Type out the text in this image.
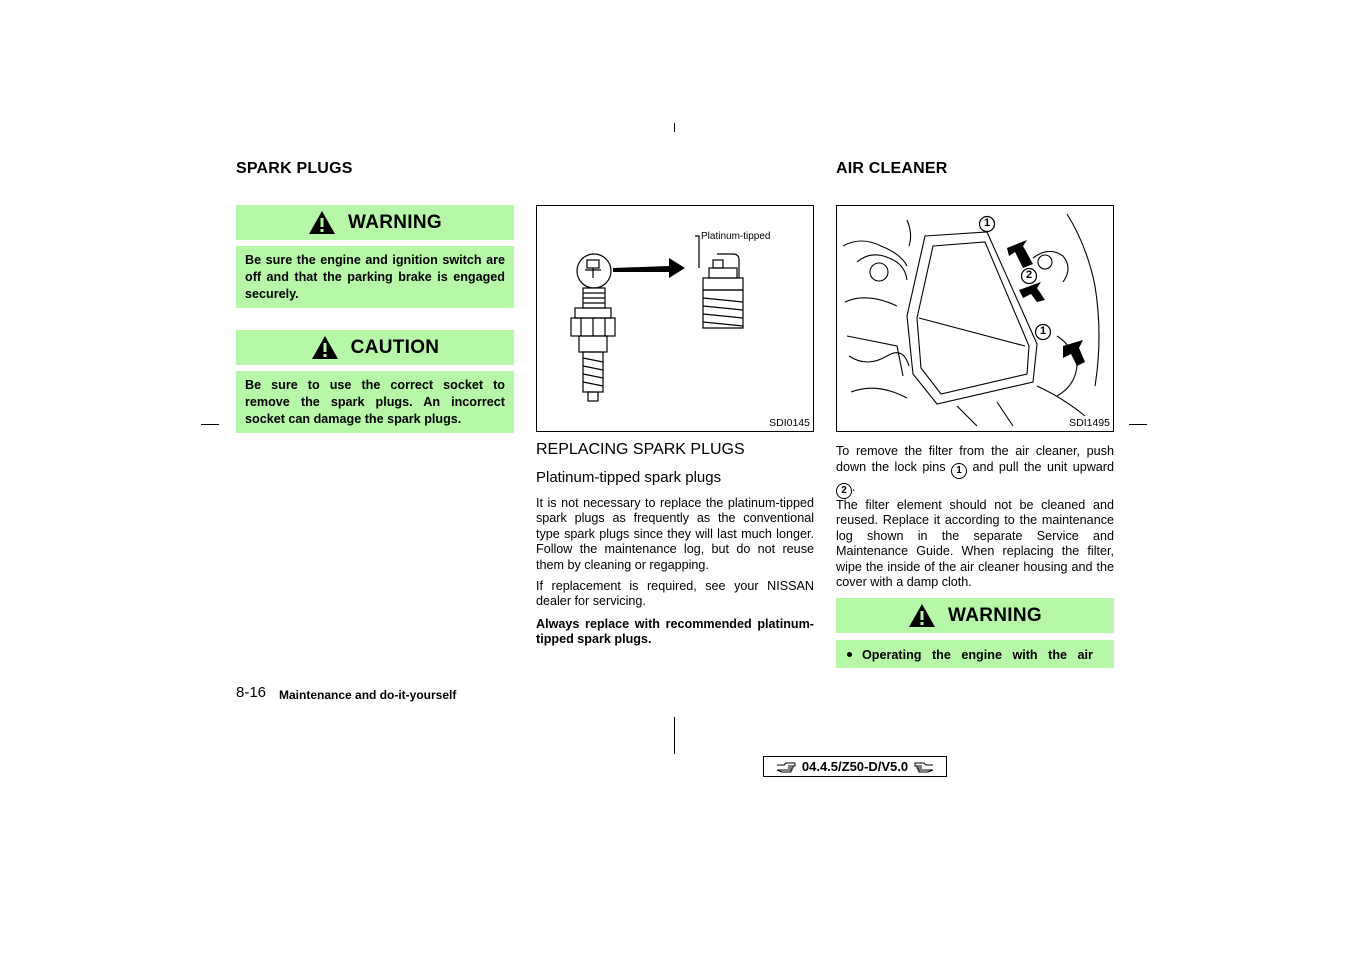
SPARK PLUGS
WARNING
Be sure the engine and ignition switch are off and that the parking brake is engaged securely.
CAUTION
Be sure to use the correct socket to remove the spark plugs. An incorrect socket can damage the spark plugs.
Platinum-tipped
SDI0145
REPLACING SPARK PLUGS
Platinum-tipped spark plugs

It is not necessary to replace the platinum-tipped spark plugs as frequently as the conventional type spark plugs since they will last much longer. Follow the maintenance log, but do not reuse them by cleaning or regapping.

If replacement is required, see your NISSAN dealer for servicing.

Always replace with recommended platinum-tipped spark plugs.

AIR CLEANER
1
2
1
SDI1495

To remove the filter from the air cleaner, push down the lock pins 1 and pull the unit upward 2 .

The filter element should not be cleaned and reused. Replace it according to the maintenance log shown in the separate Service and Maintenance Guide. When replacing the filter, wipe the inside of the air cleaner housing and the cover with a damp cloth.

WARNING
Operating the engine with the air
8-16 Maintenance and do-it-yourself
04.4.5/Z50-D/V5.0
